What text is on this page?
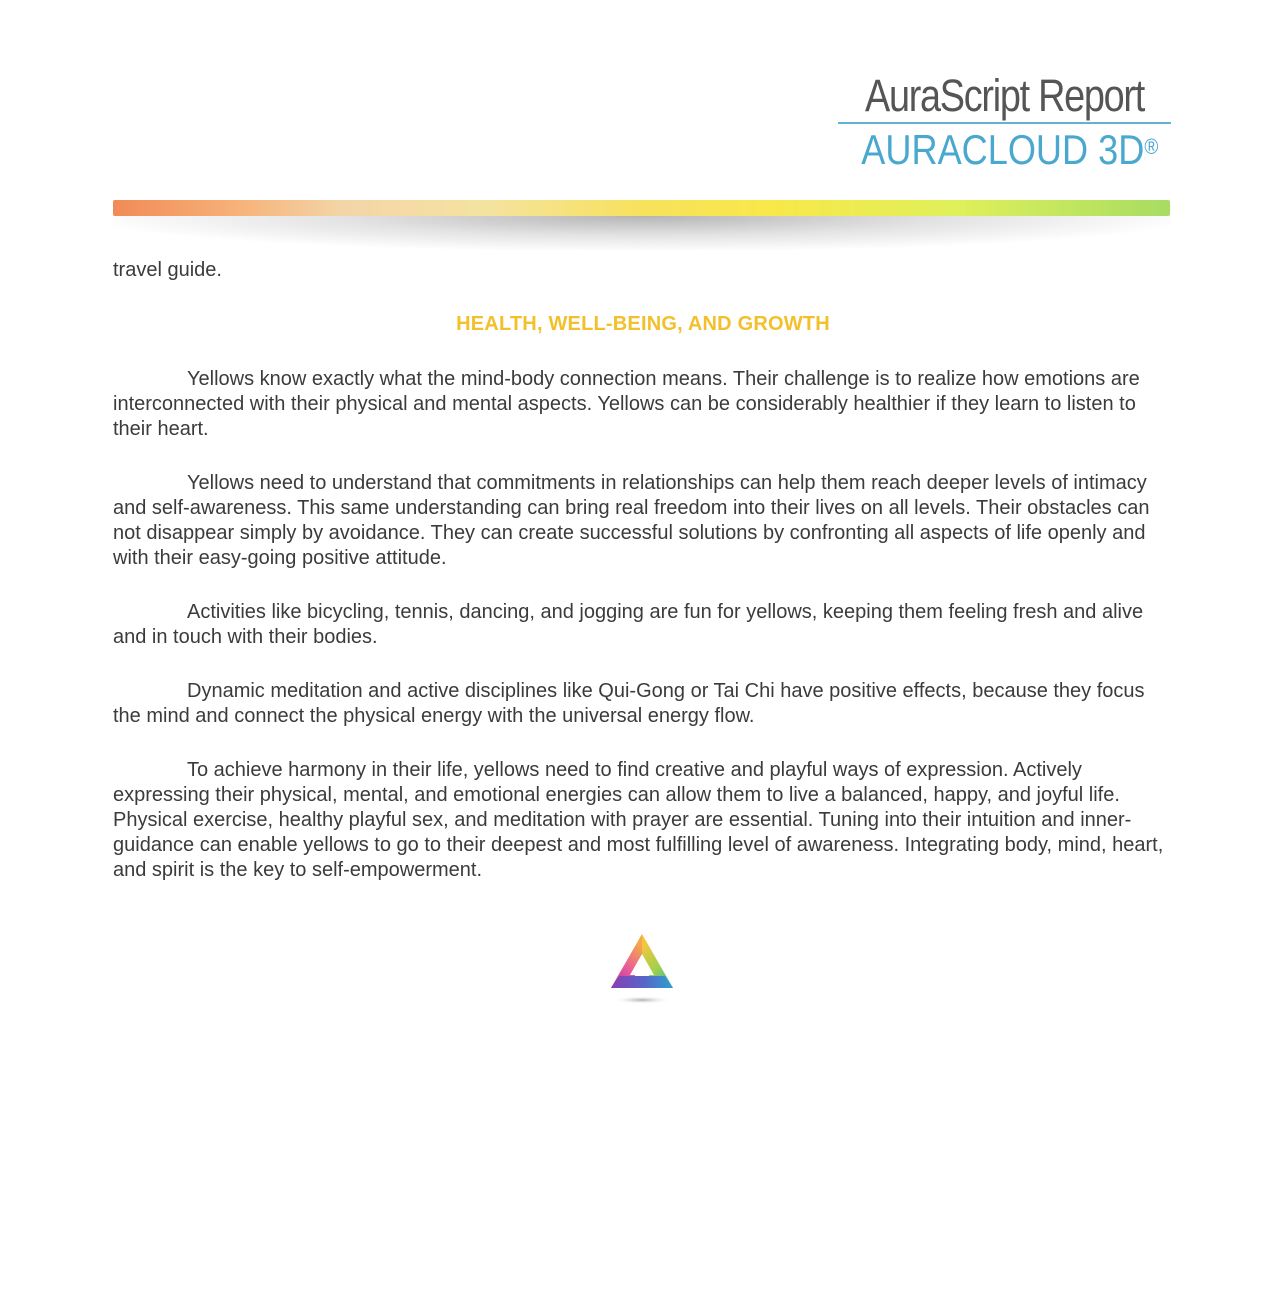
AuraScript Report
AURACLOUD 3D®

travel guide.

HEALTH, WELL-BEING, AND GROWTH

Yellows know exactly what the mind-body connection means. Their challenge is to realize how emotions are interconnected with their physical and mental aspects. Yellows can be considerably healthier if they learn to listen to their heart.

Yellows need to understand that commitments in relationships can help them reach deeper levels of intimacy and self-awareness. This same understanding can bring real freedom into their lives on all levels. Their obstacles can not disappear simply by avoidance. They can create successful solutions by confronting all aspects of life openly and with their easy-going positive attitude.

Activities like bicycling, tennis, dancing, and jogging are fun for yellows, keeping them feeling fresh and alive and in touch with their bodies.

Dynamic meditation and active disciplines like Qui-Gong or Tai Chi have positive effects, because they focus the mind and connect the physical energy with the universal energy flow.

To achieve harmony in their life, yellows need to find creative and playful ways of expression. Actively expressing their physical, mental, and emotional energies can allow them to live a balanced, happy, and joyful life. Physical exercise, healthy playful sex, and meditation with prayer are essential. Tuning into their intuition and inner-guidance can enable yellows to go to their deepest and most fulfilling level of awareness. Integrating body, mind, heart, and spirit is the key to self-empowerment.
